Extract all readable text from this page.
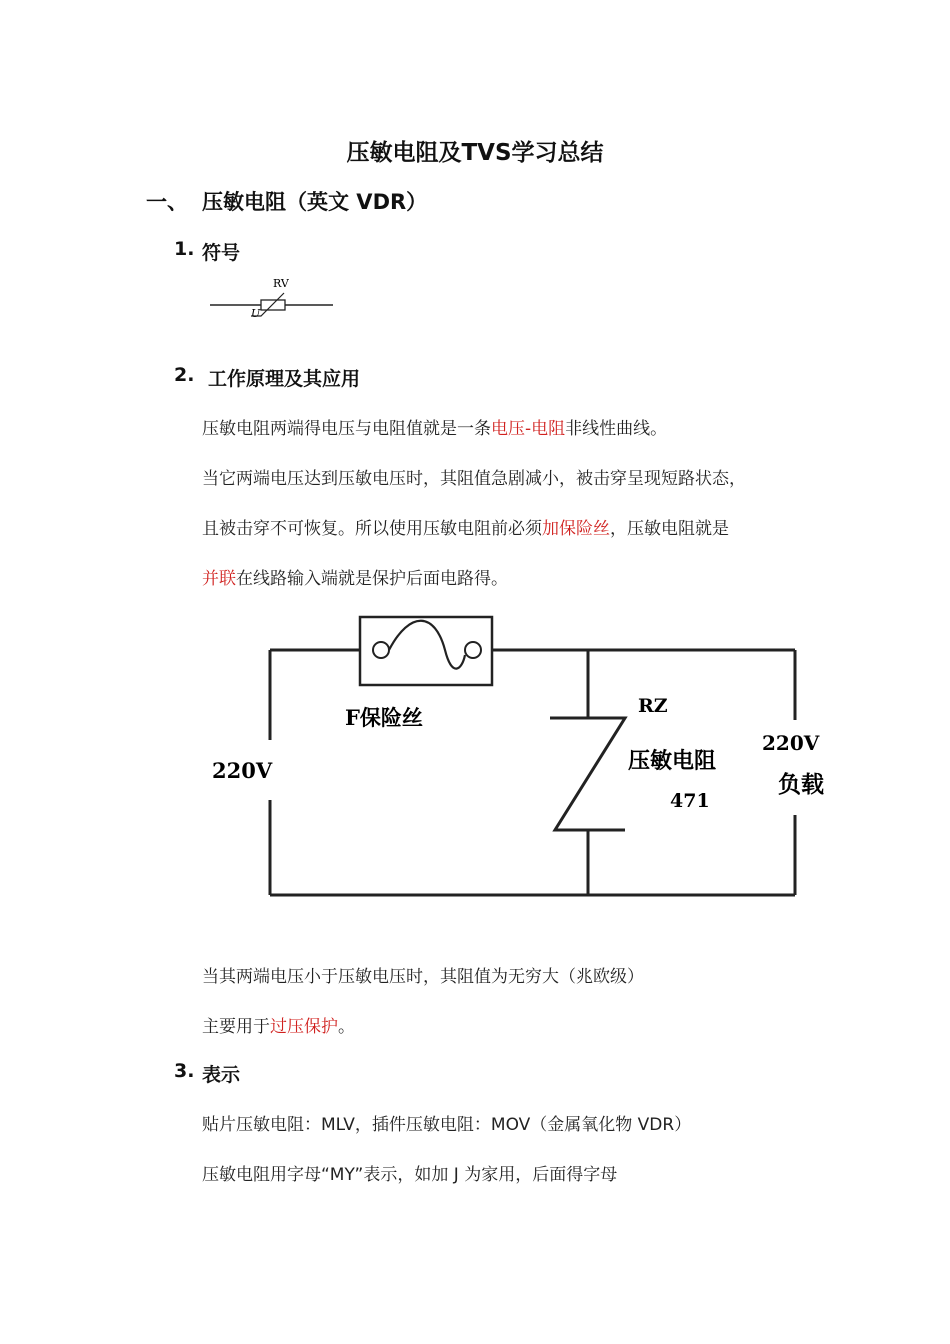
压敏电阻及TVS学习总结
一、 压敏电阻（英文 VDR）
1. 符号
RV
U
2. 工作原理及其应用
压敏电阻两端得电压与电阻值就是一条电压-电阻非线性曲线。
当它两端电压达到压敏电压时，其阻值急剧减小，被击穿呈现短路状态，
且被击穿不可恢复。所以使用压敏电阻前必须加保险丝，压敏电阻就是
并联在线路输入端就是保护后面电路得。
F保险丝
220V
RZ
压敏电阻
471
220V
负载
当其两端电压小于压敏电压时，其阻值为无穷大（兆欧级）
主要用于过压保护。
3. 表示
贴片压敏电阻：MLV，插件压敏电阻：MOV（金属氧化物 VDR）
压敏电阻用字母“MY”表示，如加 J 为家用，后面得字母
